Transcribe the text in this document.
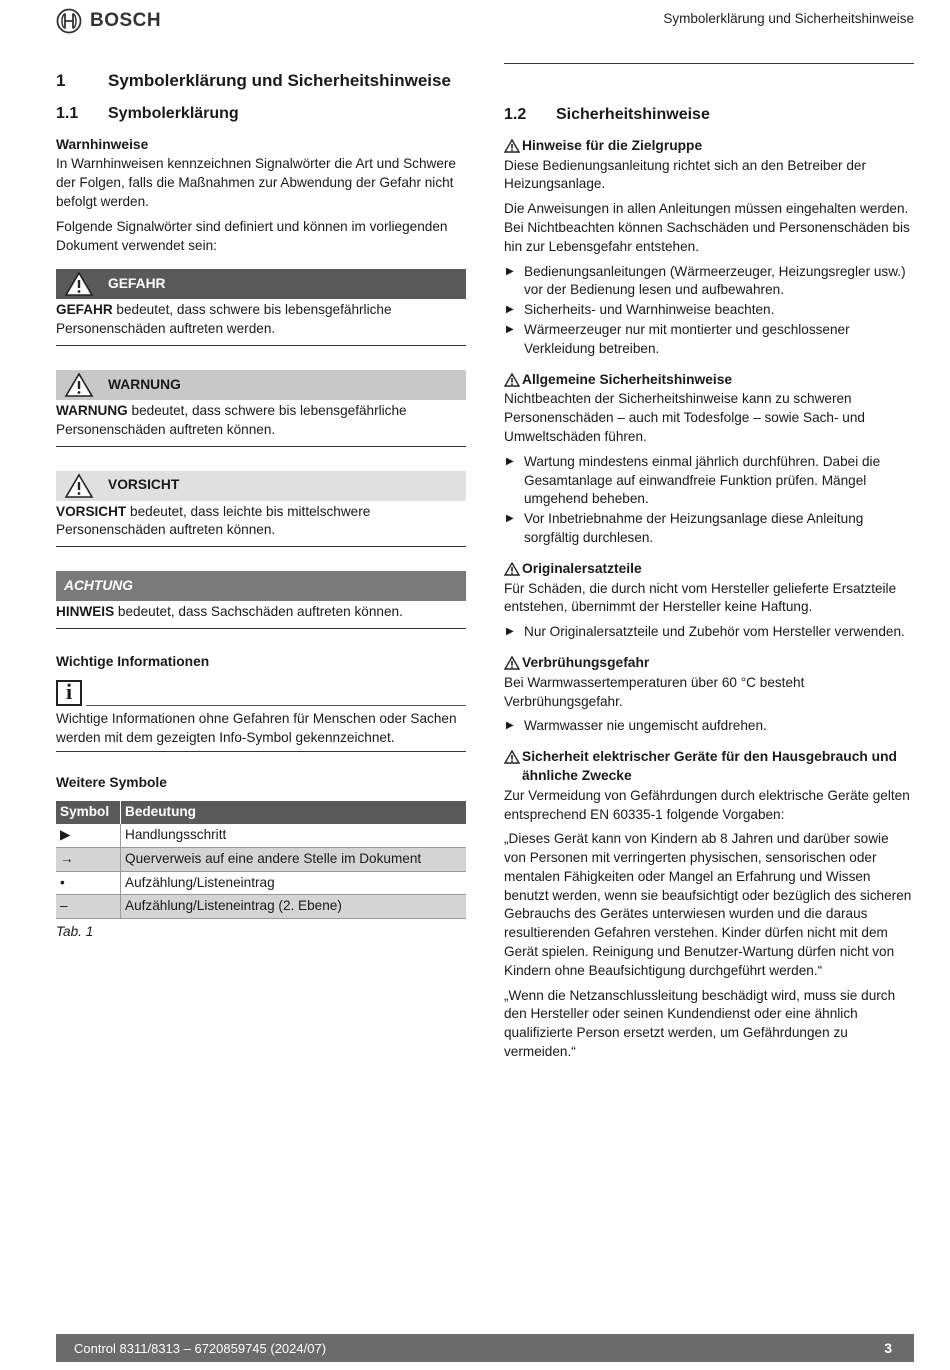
BOSCH	Symbolerklärung und Sicherheitshinweise
1	Symbolerklärung und Sicherheitshinweise
1.1	Symbolerklärung
Warnhinweise

In Warnhinweisen kennzeichnen Signalwörter die Art und Schwere der Folgen, falls die Maßnahmen zur Abwendung der Gefahr nicht befolgt werden.

Folgende Signalwörter sind definiert und können im vorliegenden Dokument verwendet sein:

GEFAHR
GEFAHR bedeutet, dass schwere bis lebensgefährliche Personenschäden auftreten werden.
WARNUNG
WARNUNG bedeutet, dass schwere bis lebensgefährliche Personenschäden auftreten können.
VORSICHT
VORSICHT bedeutet, dass leichte bis mittelschwere Personenschäden auftreten können.
ACHTUNG
HINWEIS bedeutet, dass Sachschäden auftreten können.
Wichtige Informationen
i
Wichtige Informationen ohne Gefahren für Menschen oder Sachen werden mit dem gezeigten Info-Symbol gekennzeichnet.
Weitere Symbole
Symbol	Bedeutung
▶	Handlungsschritt
→	Querverweis auf eine andere Stelle im Dokument
•	Aufzählung/Listeneintrag
–	Aufzählung/Listeneintrag (2. Ebene)
Tab. 1
1.2	Sicherheitshinweise
Hinweise für die Zielgruppe

Diese Bedienungsanleitung richtet sich an den Betreiber der Heizungsanlage.

Die Anweisungen in allen Anleitungen müssen eingehalten werden. Bei Nichtbeachten können Sachschäden und Personenschäden bis hin zur Lebensgefahr entstehen.

▶ Bedienungsanleitungen (Wärmeerzeuger, Heizungsregler usw.) vor der Bedienung lesen und aufbewahren.
▶ Sicherheits- und Warnhinweise beachten.
▶ Wärmeerzeuger nur mit montierter und geschlossener Verkleidung betreiben.
Allgemeine Sicherheitshinweise

Nichtbeachten der Sicherheitshinweise kann zu schweren Personenschäden – auch mit Todesfolge – sowie Sach- und Umweltschäden führen.

▶ Wartung mindestens einmal jährlich durchführen. Dabei die Gesamtanlage auf einwandfreie Funktion prüfen. Mängel umgehend beheben.
▶ Vor Inbetriebnahme der Heizungsanlage diese Anleitung sorgfältig durchlesen.
Originalersatzteile

Für Schäden, die durch nicht vom Hersteller gelieferte Ersatzteile entstehen, übernimmt der Hersteller keine Haftung.

▶ Nur Originalersatzteile und Zubehör vom Hersteller verwenden.
Verbrühungsgefahr

Bei Warmwassertemperaturen über 60 °C besteht Verbrühungsgefahr.

▶ Warmwasser nie ungemischt aufdrehen.
Sicherheit elektrischer Geräte für den Hausgebrauch und ähnliche Zwecke

Zur Vermeidung von Gefährdungen durch elektrische Geräte gelten entsprechend EN 60335-1 folgende Vorgaben:

„Dieses Gerät kann von Kindern ab 8 Jahren und darüber sowie von Personen mit verringerten physischen, sensorischen oder mentalen Fähigkeiten oder Mangel an Erfahrung und Wissen benutzt werden, wenn sie beaufsichtigt oder bezüglich des sicheren Gebrauchs des Gerätes unterwiesen wurden und die daraus resultierenden Gefahren verstehen. Kinder dürfen nicht mit dem Gerät spielen. Reinigung und Benutzer-Wartung dürfen nicht von Kindern ohne Beaufsichtigung durchgeführt werden.“

„Wenn die Netzanschlussleitung beschädigt wird, muss sie durch den Hersteller oder seinen Kundendienst oder eine ähnlich qualifizierte Person ersetzt werden, um Gefährdungen zu vermeiden.“

Control 8311/8313 – 6720859745 (2024/07)	3
